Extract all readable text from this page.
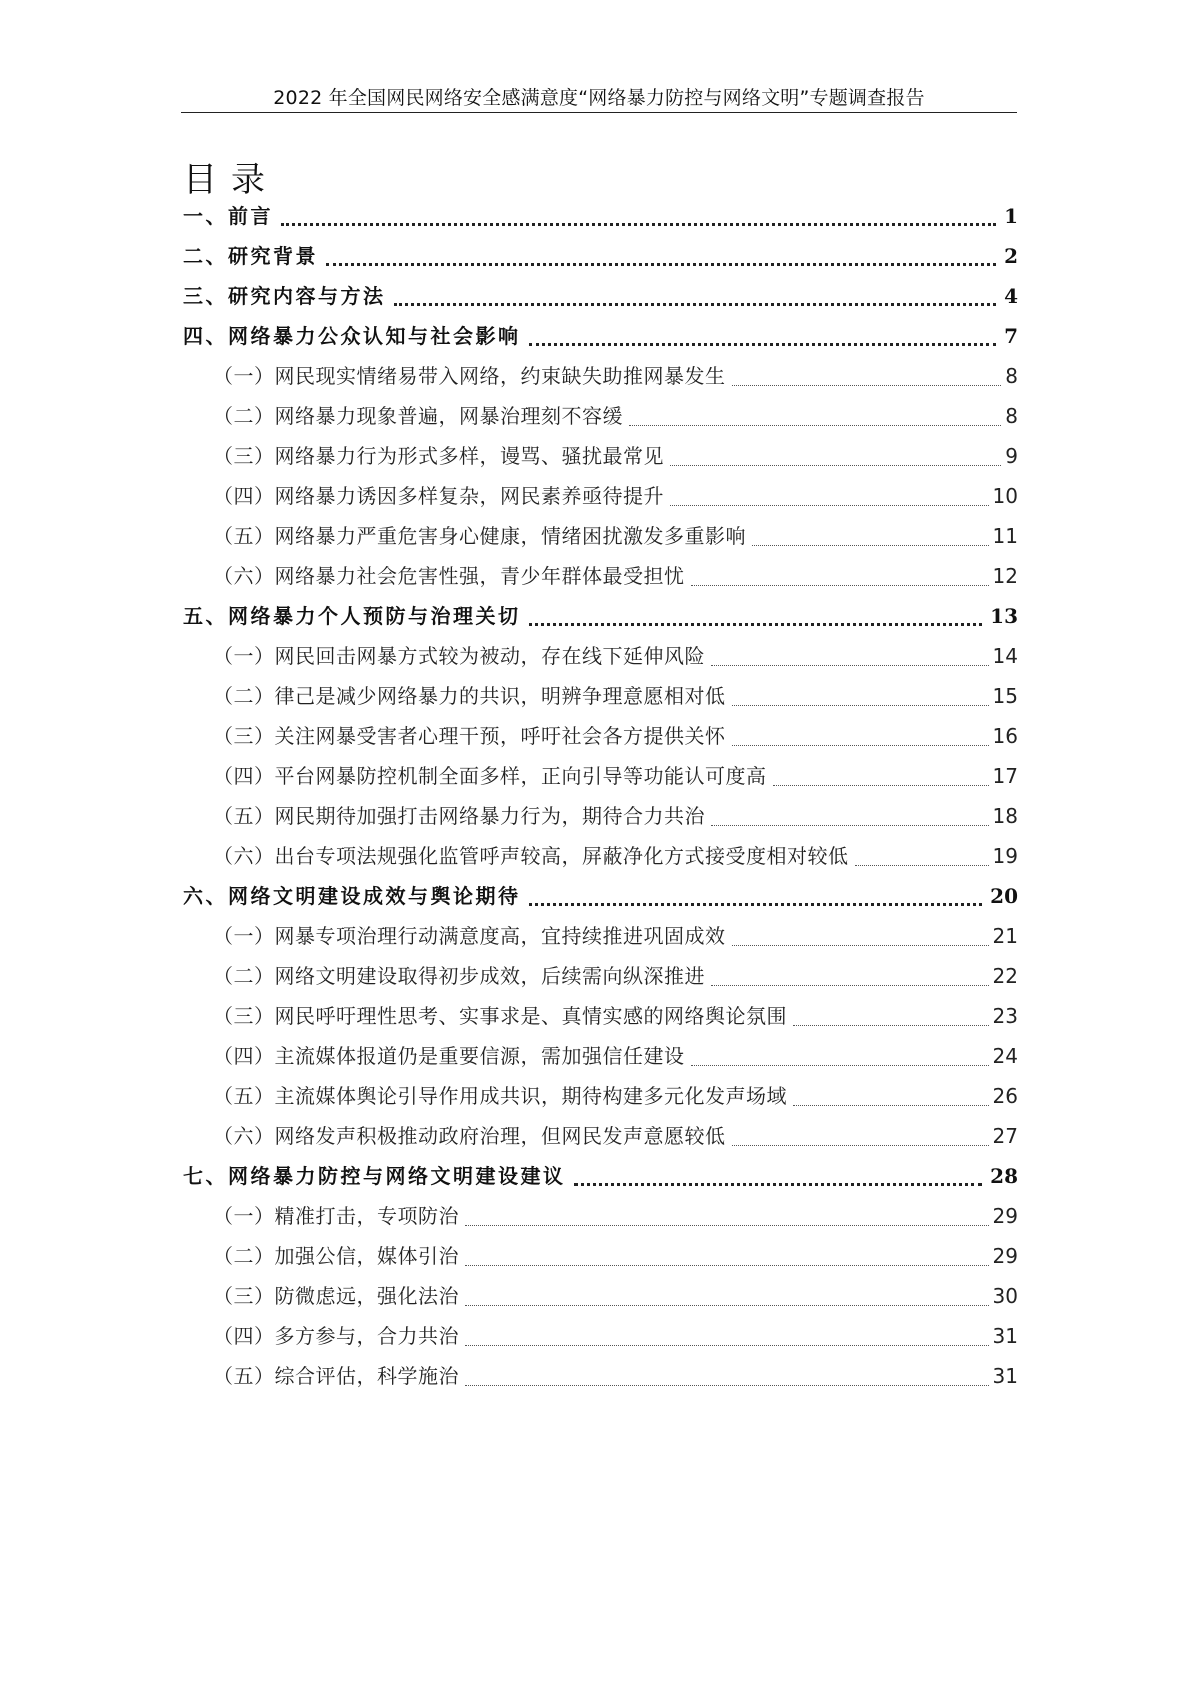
2022 年全国网民网络安全感满意度“网络暴力防控与网络文明”专题调查报告
目录
一、前言	1
二、研究背景	2
三、研究内容与方法	4
四、网络暴力公众认知与社会影响	7
（一）网民现实情绪易带入网络，约束缺失助推网暴发生	8
（二）网络暴力现象普遍，网暴治理刻不容缓	8
（三）网络暴力行为形式多样，谩骂、骚扰最常见	9
（四）网络暴力诱因多样复杂，网民素养亟待提升	10
（五）网络暴力严重危害身心健康，情绪困扰激发多重影响	11
（六）网络暴力社会危害性强，青少年群体最受担忧	12
五、网络暴力个人预防与治理关切	13
（一）网民回击网暴方式较为被动，存在线下延伸风险	14
（二）律己是减少网络暴力的共识，明辨争理意愿相对低	15
（三）关注网暴受害者心理干预，呼吁社会各方提供关怀	16
（四）平台网暴防控机制全面多样，正向引导等功能认可度高	17
（五）网民期待加强打击网络暴力行为，期待合力共治	18
（六）出台专项法规强化监管呼声较高，屏蔽净化方式接受度相对较低	19
六、网络文明建设成效与舆论期待	20
（一）网暴专项治理行动满意度高，宜持续推进巩固成效	21
（二）网络文明建设取得初步成效，后续需向纵深推进	22
（三）网民呼吁理性思考、实事求是、真情实感的网络舆论氛围	23
（四）主流媒体报道仍是重要信源，需加强信任建设	24
（五）主流媒体舆论引导作用成共识，期待构建多元化发声场域	26
（六）网络发声积极推动政府治理，但网民发声意愿较低	27
七、网络暴力防控与网络文明建设建议	28
（一）精准打击，专项防治	29
（二）加强公信，媒体引治	29
（三）防微虑远，强化法治	30
（四）多方参与，合力共治	31
（五）综合评估，科学施治	31
